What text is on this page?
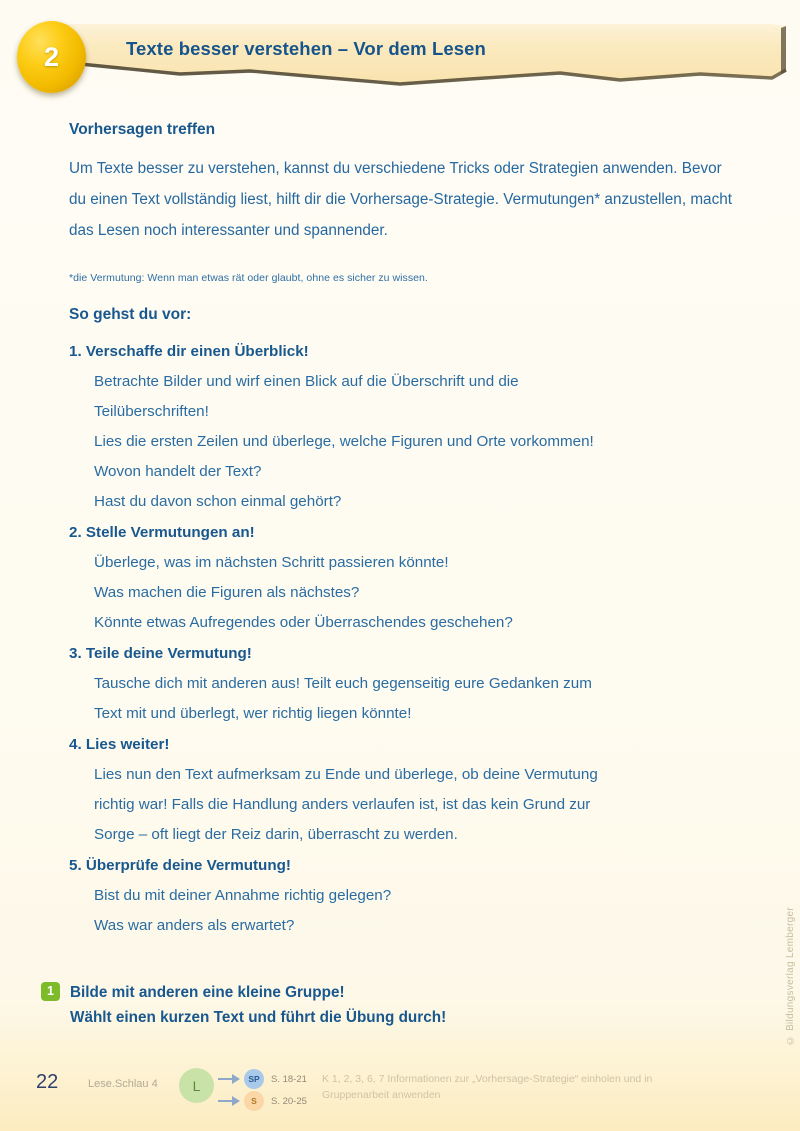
2	Texte besser verstehen – Vor dem Lesen
Vorhersagen treffen
Um Texte besser zu verstehen, kannst du verschiedene Tricks oder Strategien anwenden. Bevor du einen Text vollständig liest, hilft dir die Vorhersage-Strategie. Vermutungen* anzustellen, macht das Lesen noch interessanter und spannender.
*die Vermutung: Wenn man etwas rät oder glaubt, ohne es sicher zu wissen.
So gehst du vor:
1. Verschaffe dir einen Überblick!
Betrachte Bilder und wirf einen Blick auf die Überschrift und die
Teilüberschriften!
Lies die ersten Zeilen und überlege, welche Figuren und Orte vorkommen!
Wovon handelt der Text?
Hast du davon schon einmal gehört?
2. Stelle Vermutungen an!
Überlege, was im nächsten Schritt passieren könnte!
Was machen die Figuren als nächstes?
Könnte etwas Aufregendes oder Überraschendes geschehen?
3. Teile deine Vermutung!
Tausche dich mit anderen aus! Teilt euch gegenseitig eure Gedanken zum
Text mit und überlegt, wer richtig liegen könnte!
4. Lies weiter!
Lies nun den Text aufmerksam zu Ende und überlege, ob deine Vermutung
richtig war! Falls die Handlung anders verlaufen ist, ist das kein Grund zur
Sorge – oft liegt der Reiz darin, überrascht zu werden.
5. Überprüfe deine Vermutung!
Bist du mit deiner Annahme richtig gelegen?
Was war anders als erwartet?
1 Bilde mit anderen eine kleine Gruppe!
Wählt einen kurzen Text und führt die Übung durch!	© Bildungsverlag Lemberger
22	Lese.Schlau 4 L	SP	S. 18-21
S	S. 20-25
K 1, 2, 3, 6, 7 Informationen zur „Vorhersage-Strategie“ einholen und in Gruppenarbeit anwenden
